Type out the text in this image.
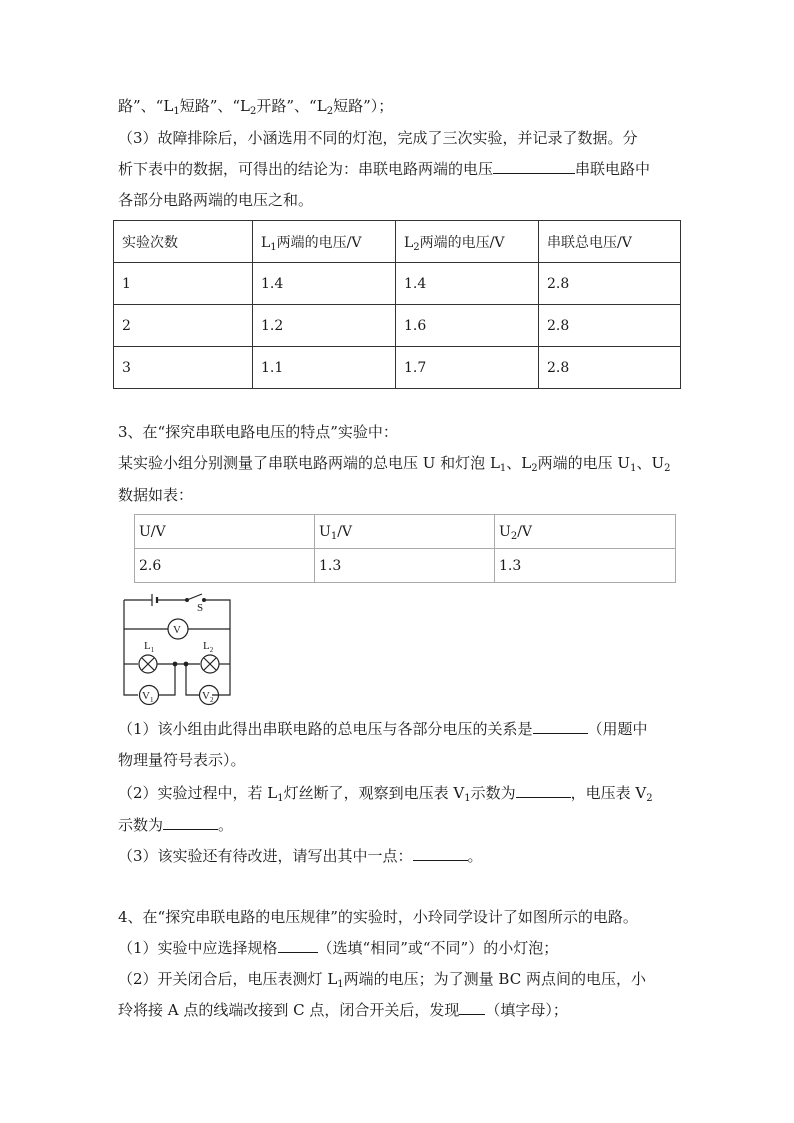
路”、“$L_1$短路”、“$L_2$开路”、“$L_2$短路”）；
（3）故障排除后，小涵选用不同的灯泡，完成了三次实验，并记录了数据。分
析下表中的数据，可得出的结论为：串联电路两端的电压	串联电路中
各部分电路两端的电压之和。
实验次数	$L_1$两端的电压/V	$L_2$两端的电压/V	串联总电压/V
1	1.4	1.4	2.8
2	1.2	1.6	2.8
3	1.1	1.7	2.8
3、在“探究串联电路电压的特点”实验中：
某实验小组分别测量了串联电路两端的总电压 U 和灯泡 $L_1$、$L_2$两端的电压 $U_1$、$U_2$
数据如表：
U/V	$U_1/V$	$U_2/V$
2.6	1.3	1.3
S
V
$L_1$	$L_2$
$V_1$	$V_2$
（1）该小组由此得出串联电路的总电压与各部分电压的关系是	（用题中
物理量符号表示）。
（2）实验过程中，若 $L_1$灯丝断了，观察到电压表 $V_1$示数为	，电压表 $V_2$
示数为	。
（3）该实验还有待改进，请写出其中一点：	。
4、在“探究串联电路的电压规律”的实验时，小玲同学设计了如图所示的电路。
（1）实验中应选择规格	（选填“相同”或“不同”）的小灯泡；
（2）开关闭合后，电压表测灯 $L_1$两端的电压；为了测量 BC 两点间的电压，小
玲将接 A 点的线端改接到 C 点，闭合开关后，发现 （填字母）；
